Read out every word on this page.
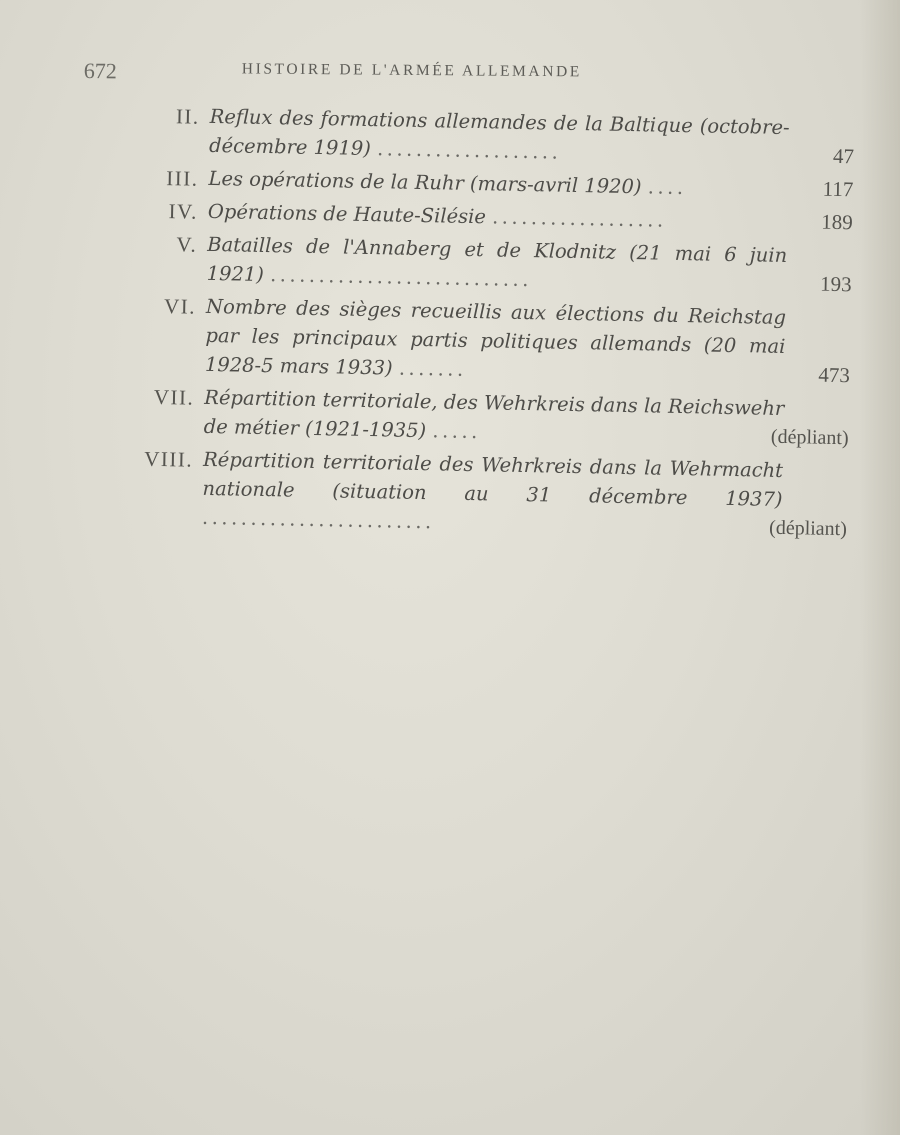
672	HISTOIRE DE L'ARMÉE ALLEMANDE
II. Reflux des formations allemandes de la Baltique (octobre-décembre 1919) ...................	47
III. Les opérations de la Ruhr (mars-avril 1920) ....	117
IV. Opérations de Haute-Silésie ..................	189
V. Batailles de l'Annaberg et de Klodnitz (21 mai 6 juin 1921) ...........................	193
VI. Nombre des sièges recueillis aux élections du Reichstag par les principaux partis politiques allemands (20 mai 1928-5 mars 1933) .......	473
VII. Répartition territoriale, des Wehrkreis dans la Reichswehr de métier (1921-1935) .....	(dépliant)
VIII. Répartition territoriale des Wehrkreis dans la Wehrmacht nationale (situation au 31 décembre 1937) ........................	(dépliant)
